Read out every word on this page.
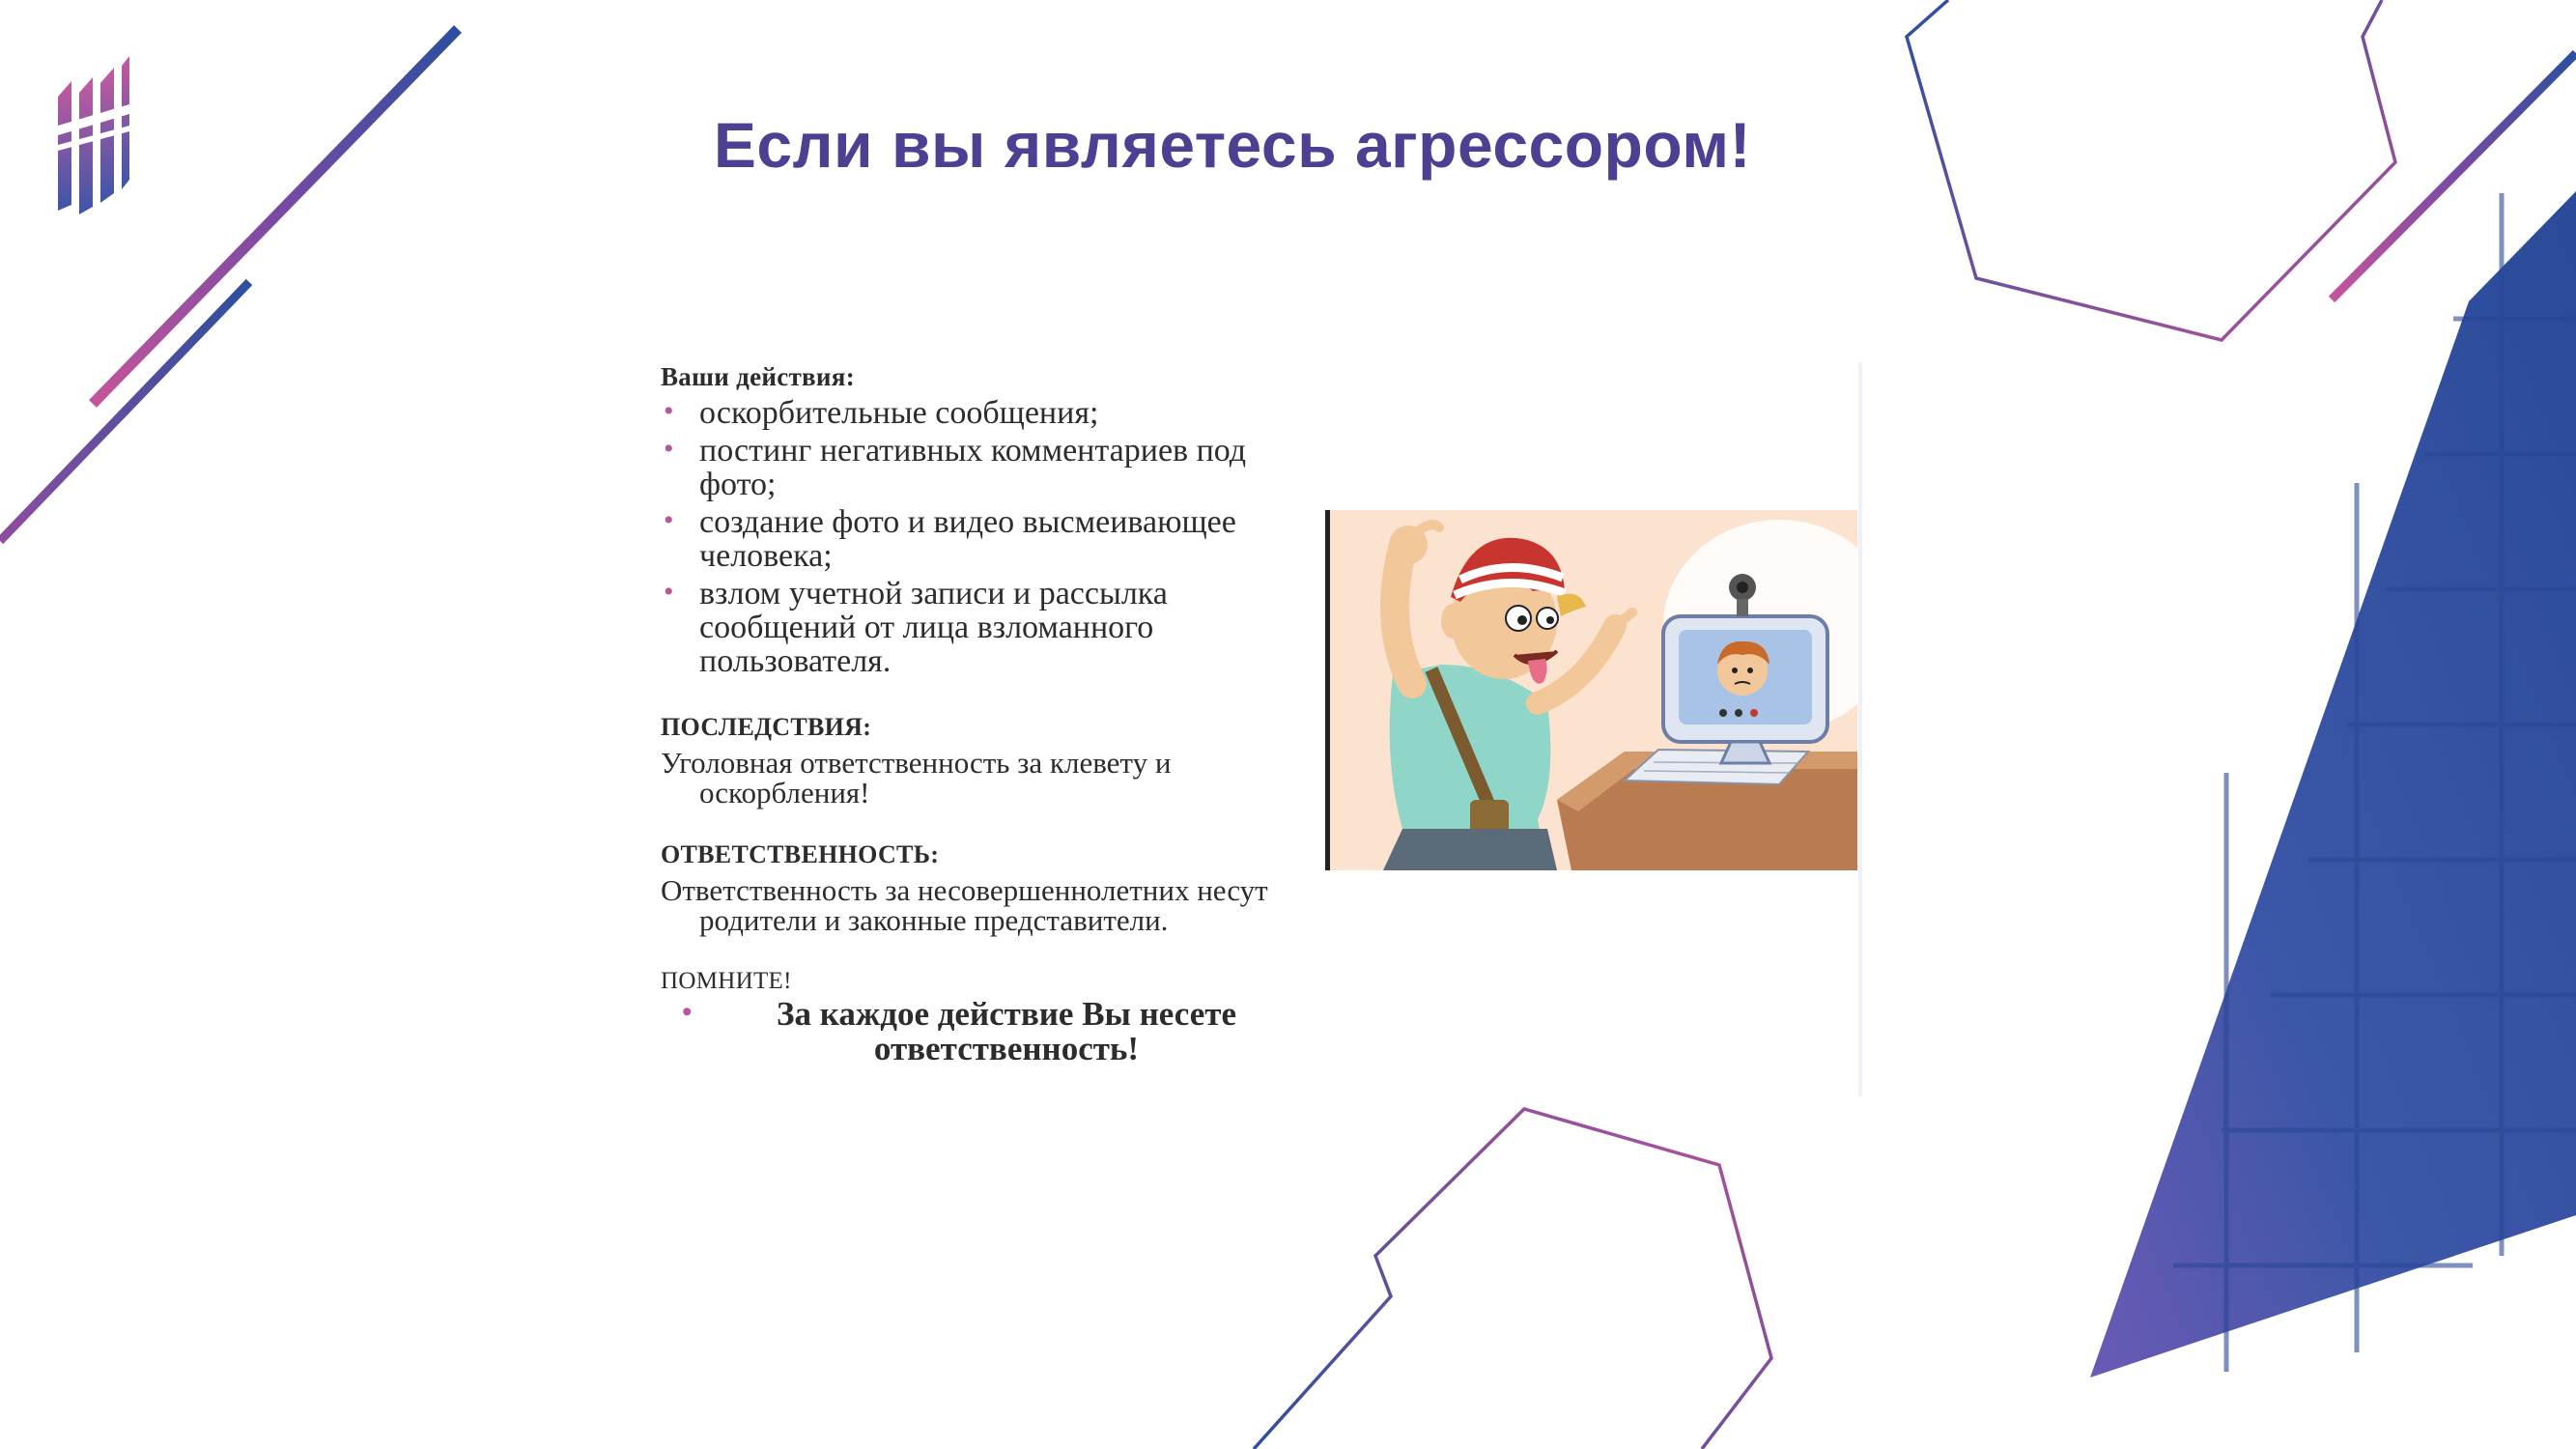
Если вы являетесь агрессором!
Ваши действия:
• оскорбительные сообщения;
• постинг негативных комментариев под фото;
• создание фото и видео высмеивающее человека;
• взлом учетной записи и рассылка сообщений от лица взломанного пользователя.
ПОСЛЕДСТВИЯ:
Уголовная ответственность за клевету и оскорбления!
ОТВЕТСТВЕННОСТЬ:
Ответственность за несовершеннолетних несут родители и законные представители.
ПОМНИТЕ!
• За каждое действие Вы несете ответственность!
